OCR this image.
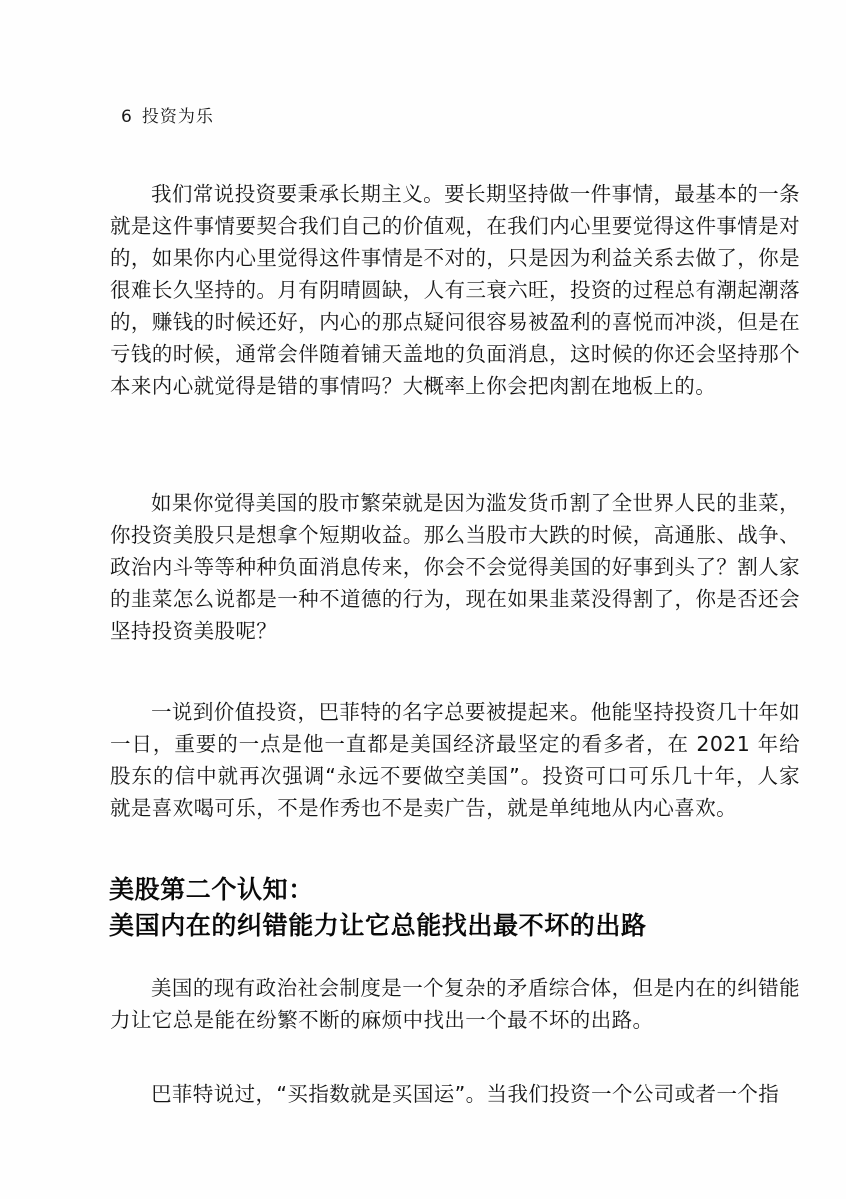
6 投资为乐

我们常说投资要秉承长期主义。要长期坚持做一件事情，最基本的一条就是这件事情要契合我们自己的价值观，在我们内心里要觉得这件事情是对的，如果你内心里觉得这件事情是不对的，只是因为利益关系去做了，你是很难长久坚持的。月有阴晴圆缺，人有三衰六旺，投资的过程总有潮起潮落的，赚钱的时候还好，内心的那点疑问很容易被盈利的喜悦而冲淡，但是在亏钱的时候，通常会伴随着铺天盖地的负面消息，这时候的你还会坚持那个本来内心就觉得是错的事情吗？大概率上你会把肉割在地板上的。

如果你觉得美国的股市繁荣就是因为滥发货币割了全世界人民的韭菜，你投资美股只是想拿个短期收益。那么当股市大跌的时候，高通胀、战争、政治内斗等等种种负面消息传来，你会不会觉得美国的好事到头了？割人家的韭菜怎么说都是一种不道德的行为，现在如果韭菜没得割了，你是否还会坚持投资美股呢？

一说到价值投资，巴菲特的名字总要被提起来。他能坚持投资几十年如一日，重要的一点是他一直都是美国经济最坚定的看多者，在 2021 年给股东的信中就再次强调“永远不要做空美国”。投资可口可乐几十年，人家就是喜欢喝可乐，不是作秀也不是卖广告，就是单纯地从内心喜欢。

美股第二个认知：
美国内在的纠错能力让它总能找出最不坏的出路

美国的现有政治社会制度是一个复杂的矛盾综合体，但是内在的纠错能力让它总是能在纷繁不断的麻烦中找出一个最不坏的出路。

巴菲特说过，“买指数就是买国运”。当我们投资一个公司或者一个指
